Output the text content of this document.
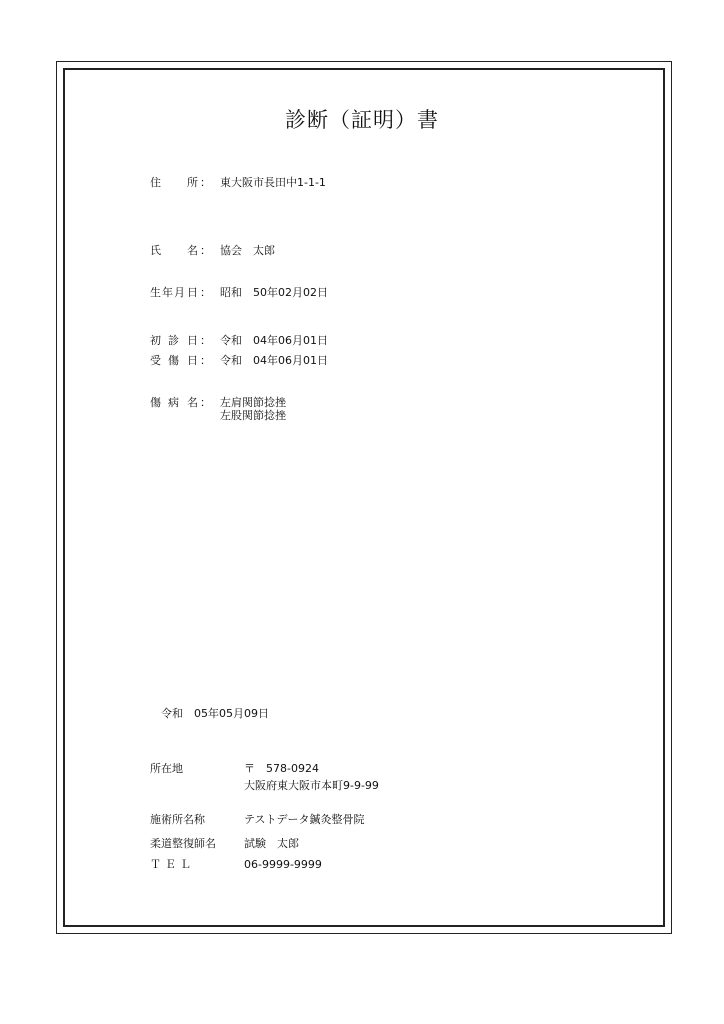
診断（証明）書
住 所 ： 東大阪市長田中1-1-1
氏 名 ： 協会　太郎
生 年 月 日 ： 昭和　50年02月02日
初 診 日 ： 令和　04年06月01日
受 傷 日 ： 令和　04年06月01日
傷 病 名 ： 左肩関節捻挫
左股関節捻挫
令和　05年05月09日
所在地	〒　578-0924
大阪府東大阪市本町9-9-99
施術所名称	テストデータ鍼灸整骨院
柔道整復師名	試験　太郎
ＴＥＬ	06-9999-9999
